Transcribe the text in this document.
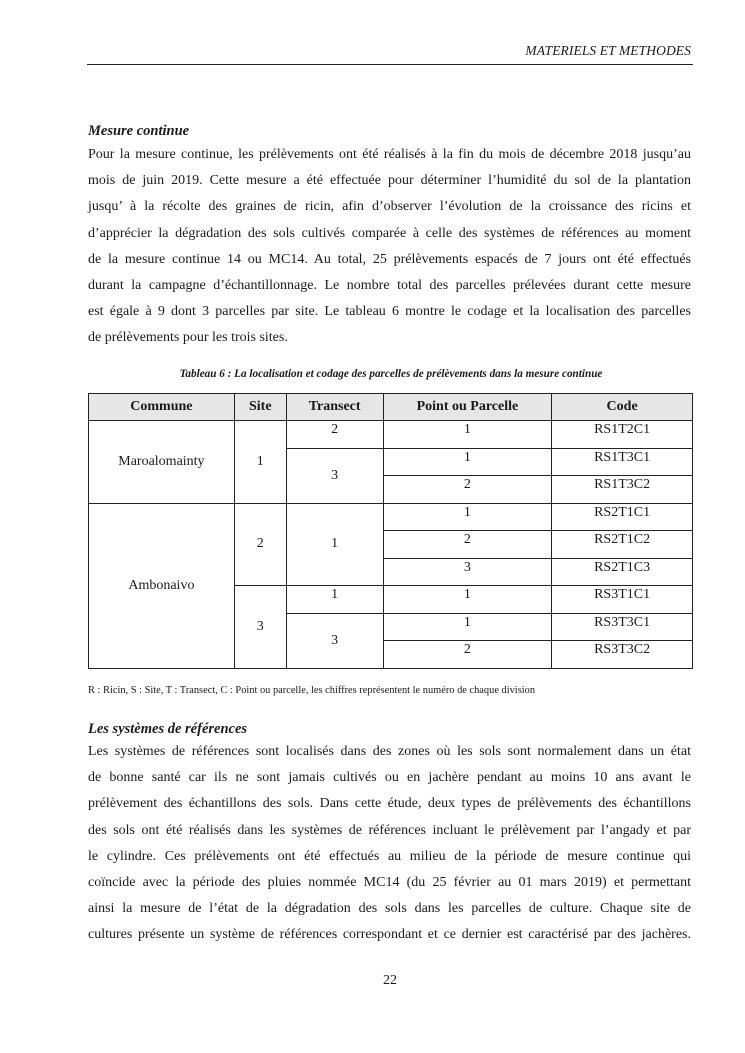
MATERIELS ET METHODES
Mesure continue
Pour la mesure continue, les prélèvements ont été réalisés à la fin du mois de décembre 2018 jusqu’au
mois de juin 2019. Cette mesure a été effectuée pour déterminer l’humidité du sol de la plantation
jusqu’ à la récolte des graines de ricin, afin d’observer l’évolution de la croissance des ricins et
d’apprécier la dégradation des sols cultivés comparée à celle des systèmes de références au moment
de la mesure continue 14 ou MC14. Au total, 25 prélèvements espacés de 7 jours ont été effectués
durant la campagne d’échantillonnage. Le nombre total des parcelles prélevées durant cette mesure
est égale à 9 dont 3 parcelles par site. Le tableau 6 montre le codage et la localisation des parcelles
de prélèvements pour les trois sites.
Tableau 6 : La localisation et codage des parcelles de prélèvements dans la mesure continue
Commune	Site	Transect	Point ou Parcelle	Code
Maroalomainty	1	2	1	RS1T2C1
		3	1	RS1T3C1
			2	RS1T3C2
Ambonaivo	2	1	1	RS2T1C1
			2	RS2T1C2
			3	RS2T1C3
	3	1	1	RS3T1C1
		3	1	RS3T3C1
			2	RS3T3C2
R : Ricin, S : Site, T : Transect, C : Point ou parcelle, les chiffres représentent le numéro de chaque division
Les systèmes de références
Les systèmes de références sont localisés dans des zones où les sols sont normalement dans un état
de bonne santé car ils ne sont jamais cultivés ou en jachère pendant au moins 10 ans avant le
prélèvement des échantillons des sols. Dans cette étude, deux types de prélèvements des échantillons
des sols ont été réalisés dans les systèmes de références incluant le prélèvement par l’angady et par
le cylindre. Ces prélèvements ont été effectués au milieu de la période de mesure continue qui
coïncide avec la période des pluies nommée MC14 (du 25 février au 01 mars 2019) et permettant
ainsi la mesure de l’état de la dégradation des sols dans les parcelles de culture. Chaque site de
cultures présente un système de références correspondant et ce dernier est caractérisé par des jachères.
22
